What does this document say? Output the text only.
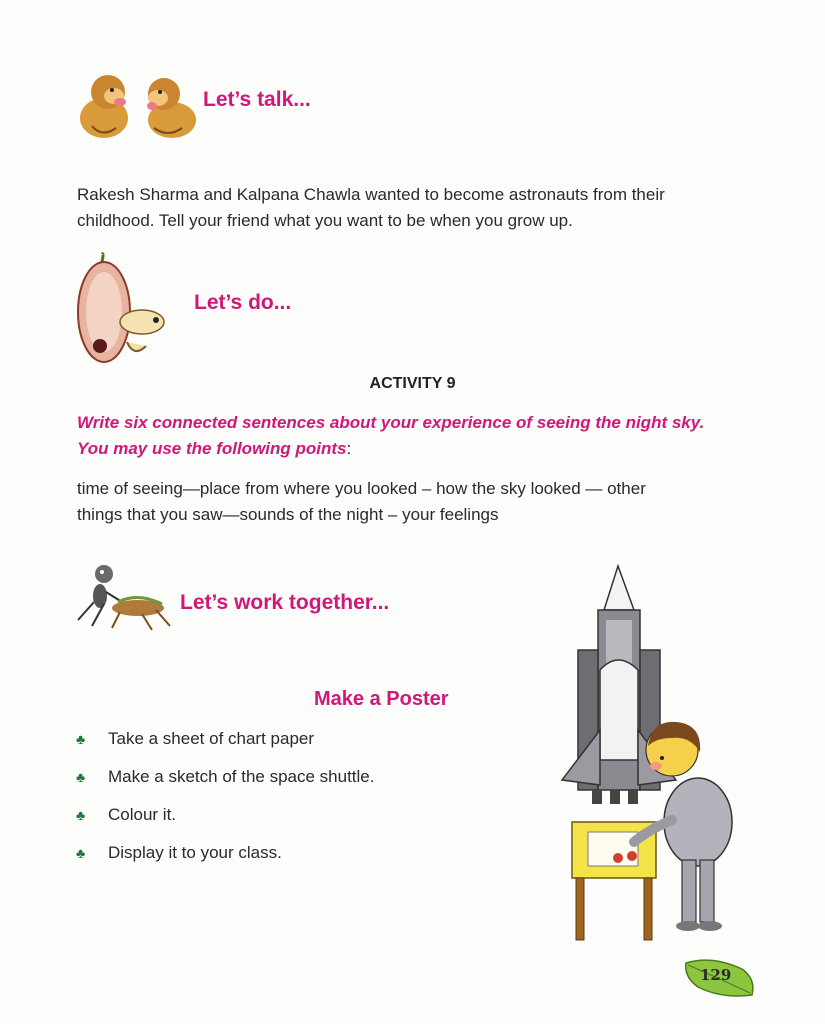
Let’s talk...
Rakesh Sharma and Kalpana Chawla wanted to become astronauts from their
childhood. Tell your friend what you want to be when you grow up.
Let’s do...
ACTIVITY 9
Write six connected sentences about your experience of seeing the night sky.
You may use the following points:
time of seeing—place from where you looked – how the sky looked — other
things that you saw—sounds of the night – your feelings
Let’s work together...
Make a Poster
♣ Take a sheet of chart paper
♣ Make a sketch of the space shuttle.
♣ Colour it.
♣ Display it to your class.
129
